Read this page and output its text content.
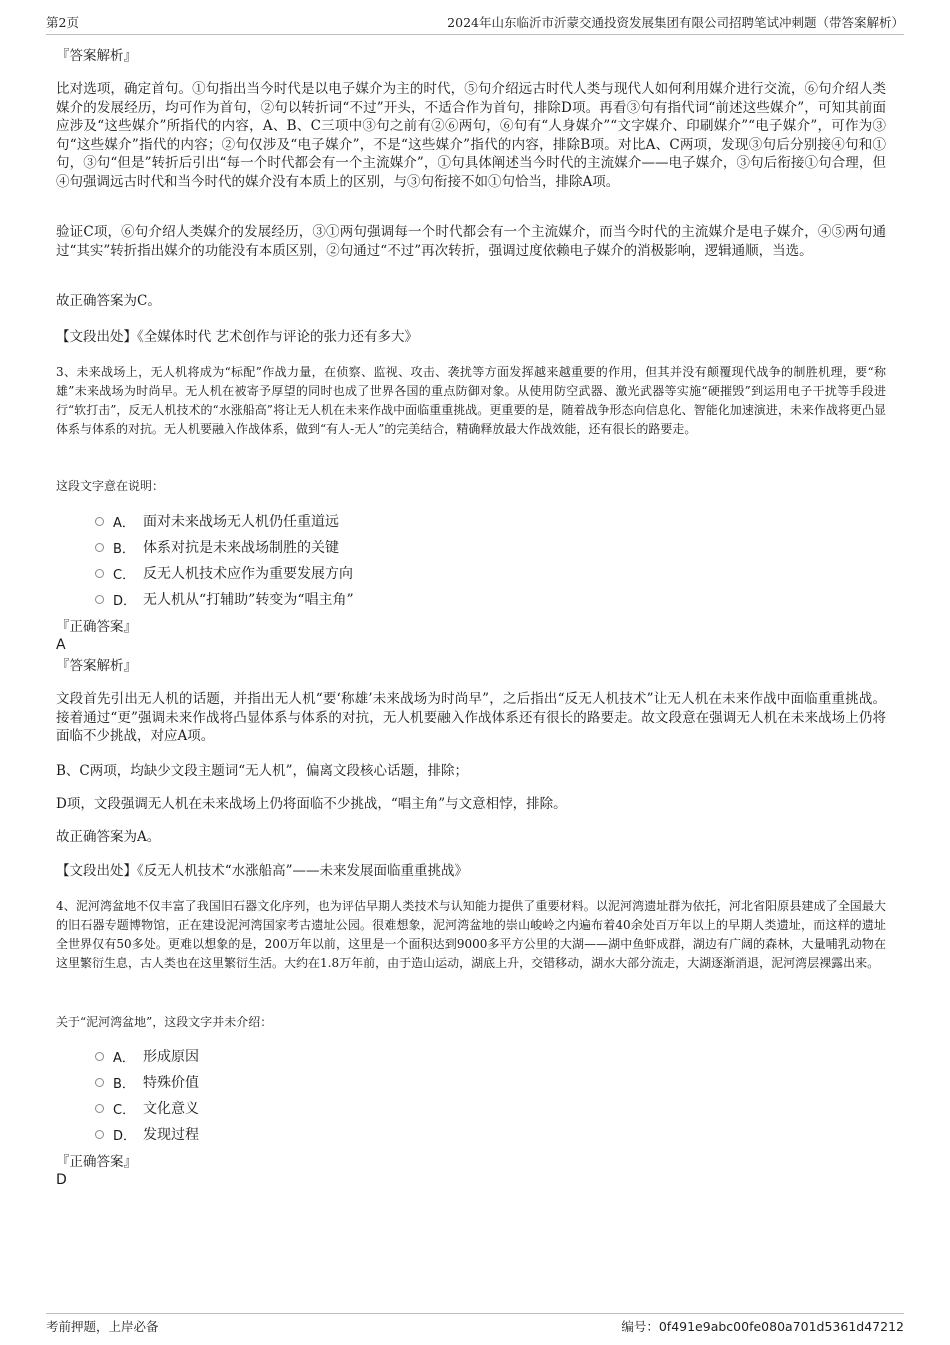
第2页	2024年山东临沂市沂蒙交通投资发展集团有限公司招聘笔试冲刺题（带答案解析）

『答案解析』

比对选项，确定首句。①句指出当今时代是以电子媒介为主的时代，⑤句介绍远古时代人类与现代人如何利用媒介进行交流，⑥句介绍人类媒介的发展经历，均可作为首句，②句以转折词“不过”开头，不适合作为首句，排除D项。再看③句有指代词“前述这些媒介”，可知其前面应涉及“这些媒介”所指代的内容，A、B、C三项中③句之前有②⑥两句，⑥句有“人身媒介”“文字媒介、印刷媒介”“电子媒介”，可作为③句“这些媒介”指代的内容；②句仅涉及“电子媒介”，不是“这些媒介”指代的内容，排除B项。对比A、C两项，发现③句后分别接④句和①句，③句“但是”转折后引出“每一个时代都会有一个主流媒介”，①句具体阐述当今时代的主流媒介——电子媒介，③句后衔接①句合理，但④句强调远古时代和当今时代的媒介没有本质上的区别，与③句衔接不如①句恰当，排除A项。

验证C项，⑥句介绍人类媒介的发展经历，③①两句强调每一个时代都会有一个主流媒介，而当今时代的主流媒介是电子媒介，④⑤两句通过“其实”转折指出媒介的功能没有本质区别，②句通过“不过”再次转折，强调过度依赖电子媒介的消极影响，逻辑通顺，当选。

故正确答案为C。

【文段出处】《全媒体时代 艺术创作与评论的张力还有多大》

3、未来战场上，无人机将成为“标配”作战力量，在侦察、监视、攻击、袭扰等方面发挥越来越重要的作用，但其并没有颠覆现代战争的制胜机理，要“称雄”未来战场为时尚早。无人机在被寄予厚望的同时也成了世界各国的重点防御对象。从使用防空武器、激光武器等实施“硬摧毁”到运用电子干扰等手段进行“软打击”，反无人机技术的“水涨船高”将让无人机在未来作战中面临重重挑战。更重要的是，随着战争形态向信息化、智能化加速演进，未来作战将更凸显体系与体系的对抗。无人机要融入作战体系，做到“有人-无人”的完美结合，精确释放最大作战效能，还有很长的路要走。

这段文字意在说明：

A． 面对未来战场无人机仍任重道远
B． 体系对抗是未来战场制胜的关键
C． 反无人机技术应作为重要发展方向
D． 无人机从“打辅助”转变为“唱主角”

『正确答案』

A

『答案解析』

文段首先引出无人机的话题，并指出无人机“要‘称雄’未来战场为时尚早”，之后指出“反无人机技术”让无人机在未来作战中面临重重挑战。接着通过“更”强调未来作战将凸显体系与体系的对抗，无人机要融入作战体系还有很长的路要走。故文段意在强调无人机在未来战场上仍将面临不少挑战，对应A项。

B、C两项，均缺少文段主题词“无人机”，偏离文段核心话题，排除；

D项，文段强调无人机在未来战场上仍将面临不少挑战，“唱主角”与文意相悖，排除。

故正确答案为A。

【文段出处】《反无人机技术“水涨船高”——未来发展面临重重挑战》

4、泥河湾盆地不仅丰富了我国旧石器文化序列，也为评估早期人类技术与认知能力提供了重要材料。以泥河湾遗址群为依托，河北省阳原县建成了全国最大的旧石器专题博物馆，正在建设泥河湾国家考古遗址公园。很难想象，泥河湾盆地的崇山峻岭之内遍布着40余处百万年以上的早期人类遗址，而这样的遗址全世界仅有50多处。更难以想象的是，200万年以前，这里是一个面积达到9000多平方公里的大湖——湖中鱼虾成群，湖边有广阔的森林，大量哺乳动物在这里繁衍生息，古人类也在这里繁衍生活。大约在1.8万年前，由于造山运动，湖底上升，交错移动，湖水大部分流走，大湖逐渐消退，泥河湾层裸露出来。

关于“泥河湾盆地”，这段文字并未介绍：

A． 形成原因
B． 特殊价值
C． 文化意义
D． 发现过程

『正确答案』

D

考前押题，上岸必备	编号：0f491e9abc00fe080a701d5361d47212
